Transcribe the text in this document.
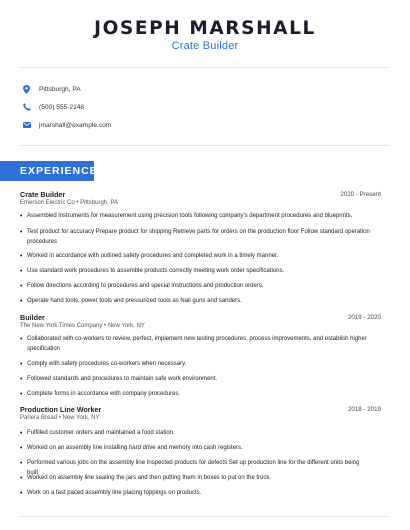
JOSEPH MARSHALL
Crate Builder
Pittsburgh, PA
(500) 555-2148
jmarshall@example.com
EXPERIENCE
Crate Builder	2020 - Present
Emerson Electric Co • Pittsburgh, PA
• Assembled instruments for measurement using precision tools following company's department procedures and blueprints.
• Test product for accuracy Prepare product for shipping Retrieve parts for orders on the production floor Follow standard operation procedures
• Worked in accordance with outlined safety procedures and completed work in a timely manner.
• Use standard work procedures to assemble products correctly meeting work order specifications.
• Follow directions according to procedures and special instructions and production orders.
• Operate hand tools, power tools and pressurized tools as Nail guns and sanders.
Builder	2019 - 2020
The New York Times Company • New York, NY
• Collaborated with co-workers to review, perfect, implement new testing procedures, process improvements, and establish higher specification
• Comply with safety procedures co-workers when necessary.
• Followed standards and procedures to maintain safe work environment.
• Complete forms in accordance with company procedures.
Production Line Worker	2018 - 2019
Panera Bread • New York, NY
• Fulfilled customer orders and maintained a food station.
• Worked on an assembly line installing hard drive and memory into cash registers.
• Performed various jobs on the assembly line Inspected products for defects Set up production line for the different units being built
• Worked on assembly line sealing the jars and then putting them in boxes to put on the truck.
• Work on a fast paced assembly line placing toppings on products.
